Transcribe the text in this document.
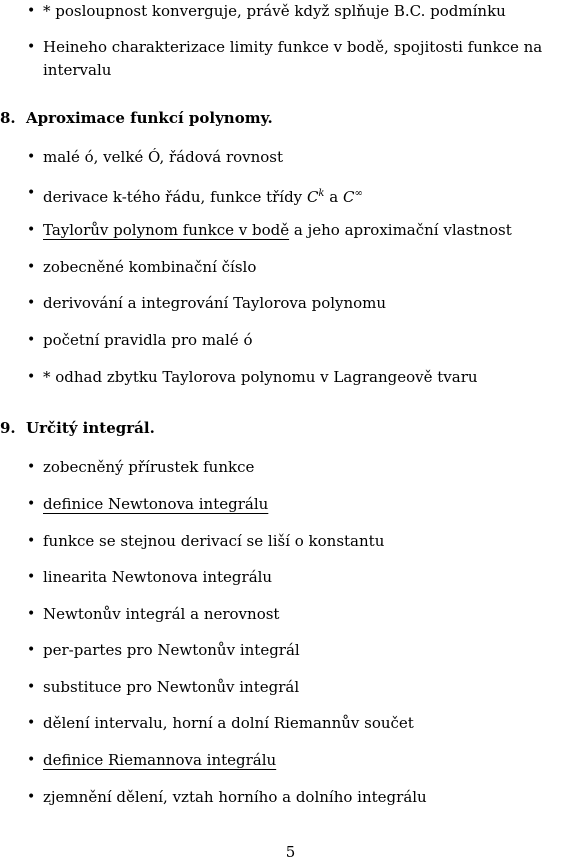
• * posloupnost konverguje, právě když splňuje B.C. podmínku
• Heineho charakterizace limity funkce v bodě, spojitosti funkce na intervalu
8. Aproximace funkcí polynomy.
• malé ó, velké Ó, řádová rovnost
• derivace k-tého řádu, funkce třídy $C^k$ a C∞
• Taylorův polynom funkce v bodě a jeho aproximační vlastnost
• zobecněné kombinační číslo
• derivování a integrování Taylorova polynomu
• početní pravidla pro malé ó
• * odhad zbytku Taylorova polynomu v Lagrangeově tvaru
9. Určitý integrál.
• zobecněný přírustek funkce
• definice Newtonova integrálu
• funkce se stejnou derivací se liší o konstantu
• linearita Newtonova integrálu
• Newtonův integrál a nerovnost
• per-partes pro Newtonův integrál
• substituce pro Newtonův integrál
• dělení intervalu, horní a dolní Riemannův součet
• definice Riemannova integrálu
• zjemnění dělení, vztah horního a dolního integrálu
5
